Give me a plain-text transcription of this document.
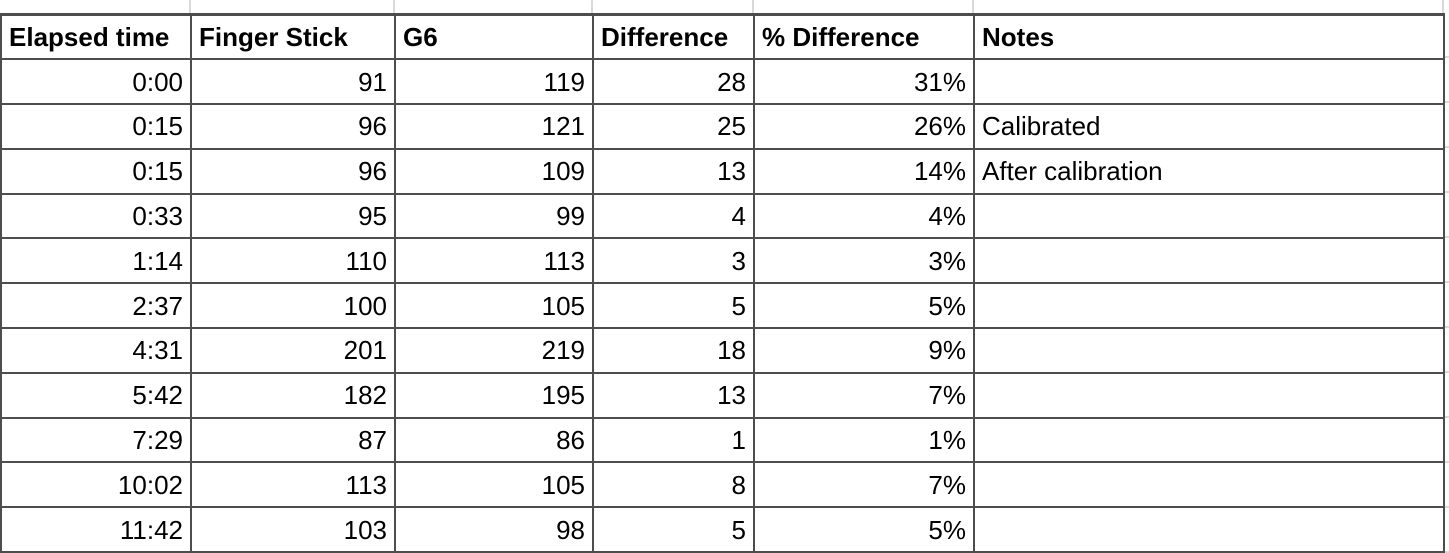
Elapsed time	Finger Stick	G6	Difference	% Difference	Notes
0:00	91	119	28	31%	
0:15	96	121	25	26%	Calibrated
0:15	96	109	13	14%	After calibration
0:33	95	99	4	4%	
1:14	110	113	3	3%	
2:37	100	105	5	5%	
4:31	201	219	18	9%	
5:42	182	195	13	7%	
7:29	87	86	1	1%	
10:02	113	105	8	7%	
11:42	103	98	5	5%	
